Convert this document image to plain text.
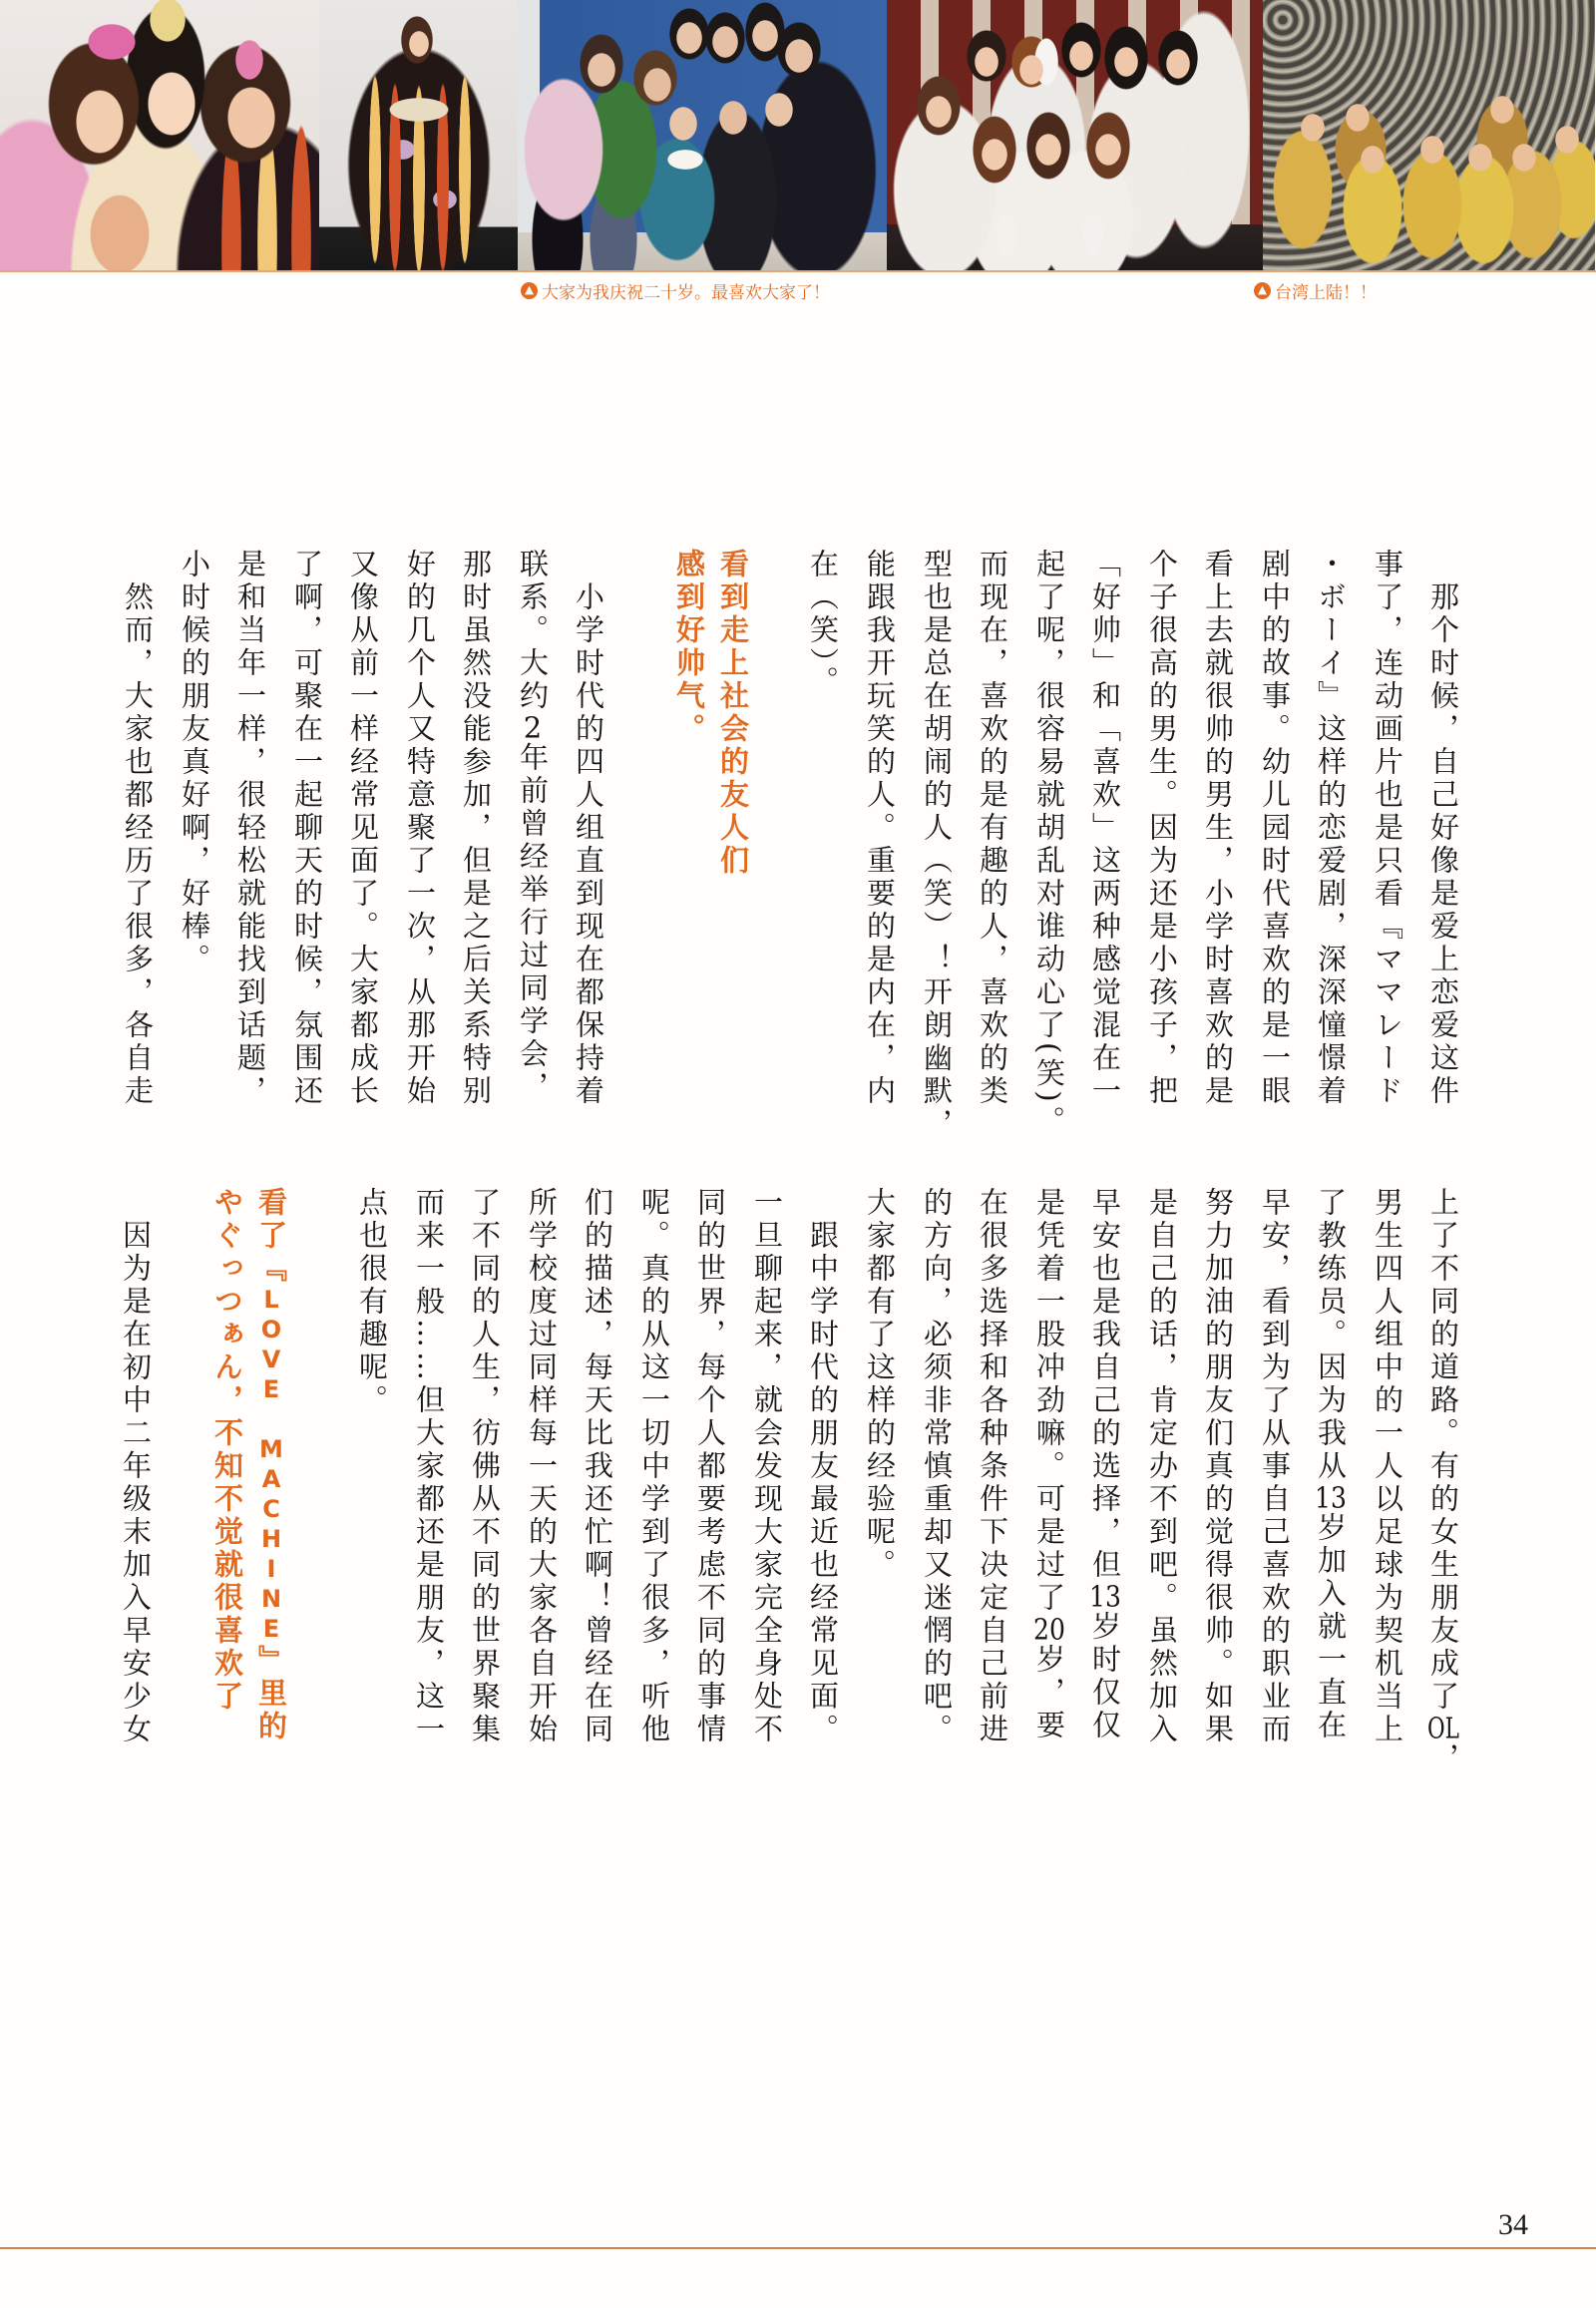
大家为我庆祝二十岁。最喜欢大家了！	台湾上陆！！
那个时候，自己好像是爱上恋爱这件
事了，连动画片也是只看『ママレード
・ボーイ』这样的恋爱剧，深深憧憬着
剧中的故事。幼儿园时代喜欢的是一眼
看上去就很帅的男生，小学时喜欢的是
个子很高的男生。因为还是小孩子，把
「好帅」和「喜欢」这两种感觉混在一
起了呢，很容易就胡乱对谁动心了(笑)。
而现在，喜欢的是有趣的人，喜欢的类
型也是总在胡闹的人（笑）！开朗幽默，
能跟我开玩笑的人。重要的是内在，内
在（笑）。
看到走上社会的友人们
感到好帅气。
小学时代的四人组直到现在都保持着
联系。大约2年前曾经举行过同学会，
那时虽然没能参加，但是之后关系特别
好的几个人又特意聚了一次，从那开始
又像从前一样经常见面了。大家都成长
了啊，可聚在一起聊天的时候，氛围还
是和当年一样，很轻松就能找到话题，
小时候的朋友真好啊，好棒。
然而，大家也都经历了很多，各自走
上了不同的道路。有的女生朋友成了OL，
男生四人组中的一人以足球为契机当上
了教练员。因为我从13岁加入就一直在
早安，看到为了从事自己喜欢的职业而
努力加油的朋友们真的觉得很帅。如果
是自己的话，肯定办不到吧。虽然加入
早安也是我自己的选择，但13岁时仅仅
是凭着一股冲劲嘛。可是过了20岁，要
在很多选择和各种条件下决定自己前进
的方向，必须非常慎重却又迷惘的吧。
大家都有了这样的经验呢。
跟中学时代的朋友最近也经常见面。
一旦聊起来，就会发现大家完全身处不
同的世界，每个人都要考虑不同的事情
呢。真的从这一切中学到了很多，听他
们的描述，每天比我还忙啊！曾经在同
所学校度过同样每一天的大家各自开始
了不同的人生，彷佛从不同的世界聚集
而来一般……但大家都还是朋友，这一
点也很有趣呢。
看了『LOVE MACHINE』里的
やぐっつぁん，不知不觉就很喜欢了
因为是在初中二年级末加入早安少女
34
